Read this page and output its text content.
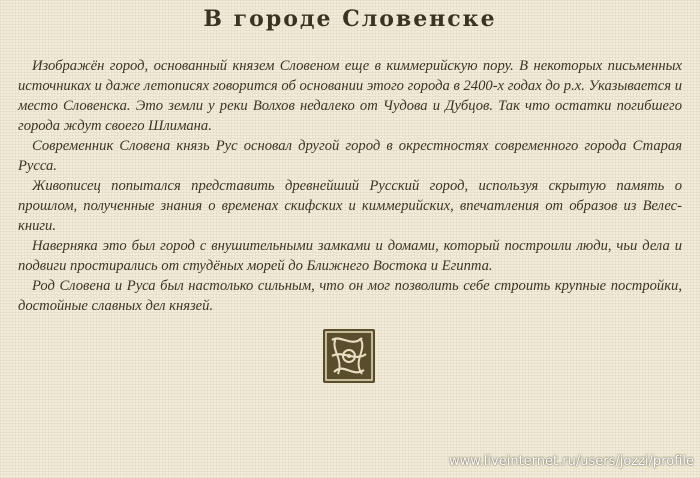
В городе Словенске

Изображён город, основанный князем Словеном еще в киммерийскую пору. В некоторых письменных источниках и даже летописях говорится об основании этого города в 2400-х годах до р.х. Указывается и место Словенска. Это земли у реки Волхов недалеко от Чудова и Дубцов. Так что остатки погибшего города ждут своего Шлимана.

Современник Словена князь Рус основал другой город в окрестностях современного города Старая Русса.

Живописец попытался представить древнейший Русский город, используя скрытую память о прошлом, полученные знания о временах скифских и киммерийских, впечатления от образов из Велес-книги.

Наверняка это был город с внушительными замками и домами, который построили люди, чьи дела и подвиги простирались от студёных морей до Ближнего Востока и Египта.

Род Словена и Руса был настолько сильным, что он мог позволить себе строить крупные постройки, достойные славных дел князей.

www.liveinternet.ru/users/jozzi/profile
